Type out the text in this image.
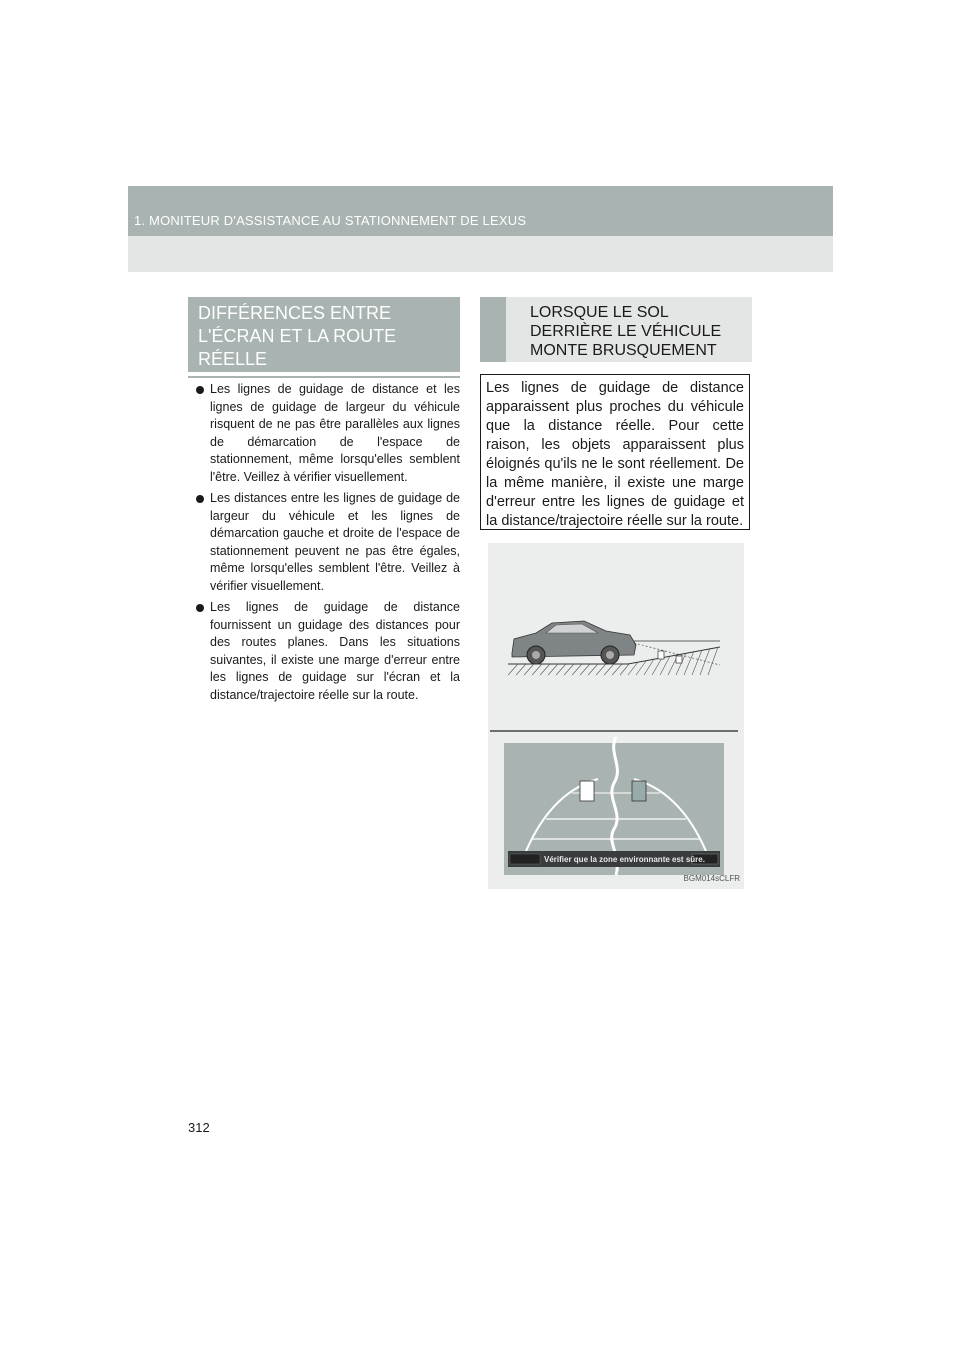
1. MONITEUR D'ASSISTANCE AU STATIONNEMENT DE LEXUS
DIFFÉRENCES ENTRE L'ÉCRAN ET LA ROUTE RÉELLE
Les lignes de guidage de distance et les lignes de guidage de largeur du véhicule risquent de ne pas être parallèles aux lignes de démarcation de l'espace de stationnement, même lorsqu'elles semblent l'être. Veillez à vérifier visuellement.
Les distances entre les lignes de guidage de largeur du véhicule et les lignes de démarcation gauche et droite de l'espace de stationnement peuvent ne pas être égales, même lorsqu'elles semblent l'être. Veillez à vérifier visuellement.
Les lignes de guidage de distance fournissent un guidage des distances pour des routes planes. Dans les situations suivantes, il existe une marge d'erreur entre les lignes de guidage sur l'écran et la distance/trajectoire réelle sur la route.
LORSQUE LE SOL DERRIÈRE LE VÉHICULE MONTE BRUSQUEMENT
Les lignes de guidage de distance apparaissent plus proches du véhicule que la distance réelle. Pour cette raison, les objets apparaissent plus éloignés qu'ils ne le sont réellement. De la même manière, il existe une marge d'erreur entre les lignes de guidage et la distance/trajectoire réelle sur la route.
Vérifier que la zone environnante est sûre.
BGM014sCLFR
312
